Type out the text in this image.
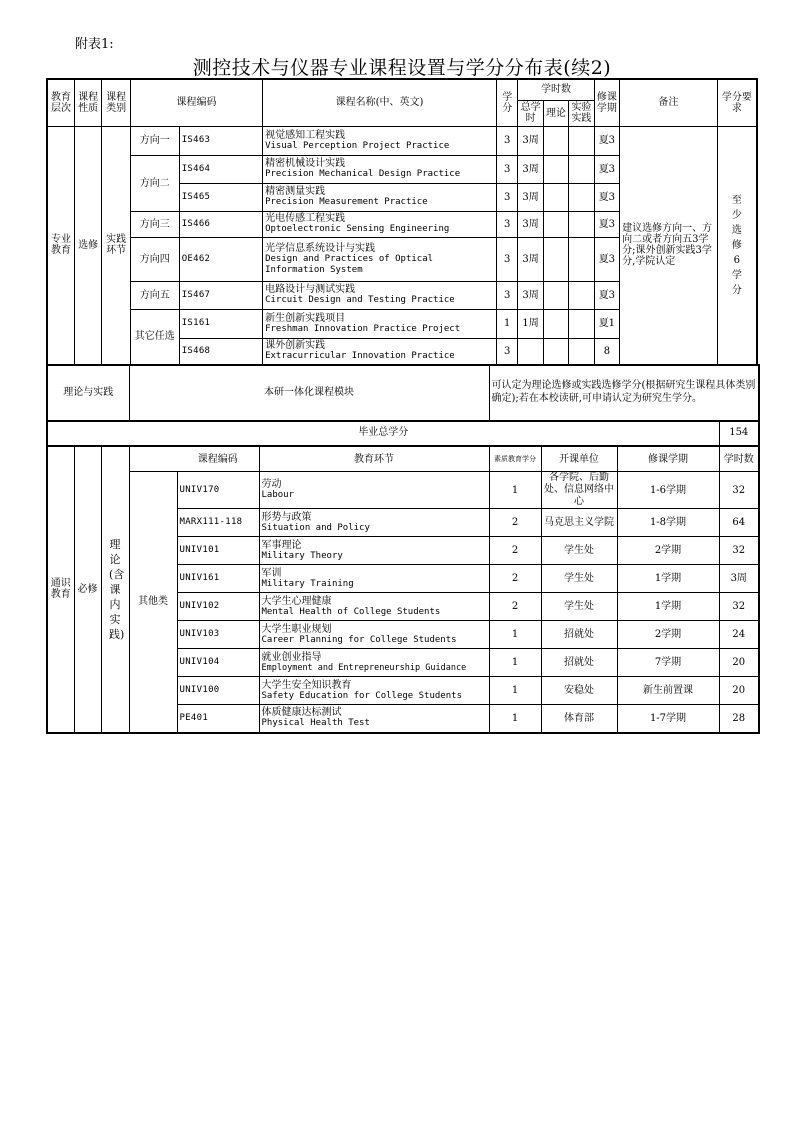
附表1:
测控技术与仪器专业课程设置与学分分布表(续2)
教育层次	课程性质	课程类别	课程编码		课程名称(中、英文)	学分	学时数			修课学期	备注	学分要求
							总学时	理论	实验实践			
专业教育	选修	实践环节	方向一	IS463	视觉感知工程实践
Visual Perception Project Practice	3	3周			夏3	建议选修方向一、方向二或者方向五3学分;课外创新实践3学分,学院认定	至少选修6学分

			方向二	IS464	精密机械设计实践
Precision Mechanical Design Practice	3	3周			夏3		
				IS465	精密测量实践
Precision Measurement Practice	3	3周			夏3		
			方向三	IS466	光电传感工程实践
Optoelectronic Sensing Engineering	3	3周			夏3		
			方向四	OE462	光学信息系统设计与实践
Design and Practices of Optical Information System	3	3周			夏3		
			方向五	IS467	电路设计与测试实践
Circuit Design and Testing Practice	3	3周			夏3		
			其它任选	IS161	新生创新实践项目
Freshman Innovation Practice Project	1	1周			夏1		
				IS468	课外创新实践
Extracurricular Innovation Practice	3				8		
理论与实践	本研一体化课程模块	可认定为理论选修或实践选修学分(根据研究生课程具体类别确定);若在本校读研,可申请认定为研究生学分。
毕业总学分	154
通识教育	必修	理论(含课内实践)		课程编码	教育环节	素质教育学分	开课单位	修课学期	学时数
			其他类	UNIV170	劳动
Labour	1	各学院、后勤处、信息网络中心	1-6学期	32
				MARX111-118	形势与政策
Situation and Policy	2	马克思主义学院	1-8学期	64
				UNIV101	军事理论
Military Theory	2	学生处	2学期	32
				UNIV161	军训
Military Training	2	学生处	1学期	3周
				UNIV102	大学生心理健康
Mental Health of College Students	2	学生处	1学期	32
				UNIV103	大学生职业规划
Career Planning for College Students	1	招就处	2学期	24
				UNIV104	就业创业指导
Employment and Entrepreneurship Guidance	1	招就处	7学期	20
				UNIV100	大学生安全知识教育
Safety Education for College Students	1	安稳处	新生前置课	20
				PE401	体质健康达标测试
Physical Health Test	1	体育部	1-7学期	28
